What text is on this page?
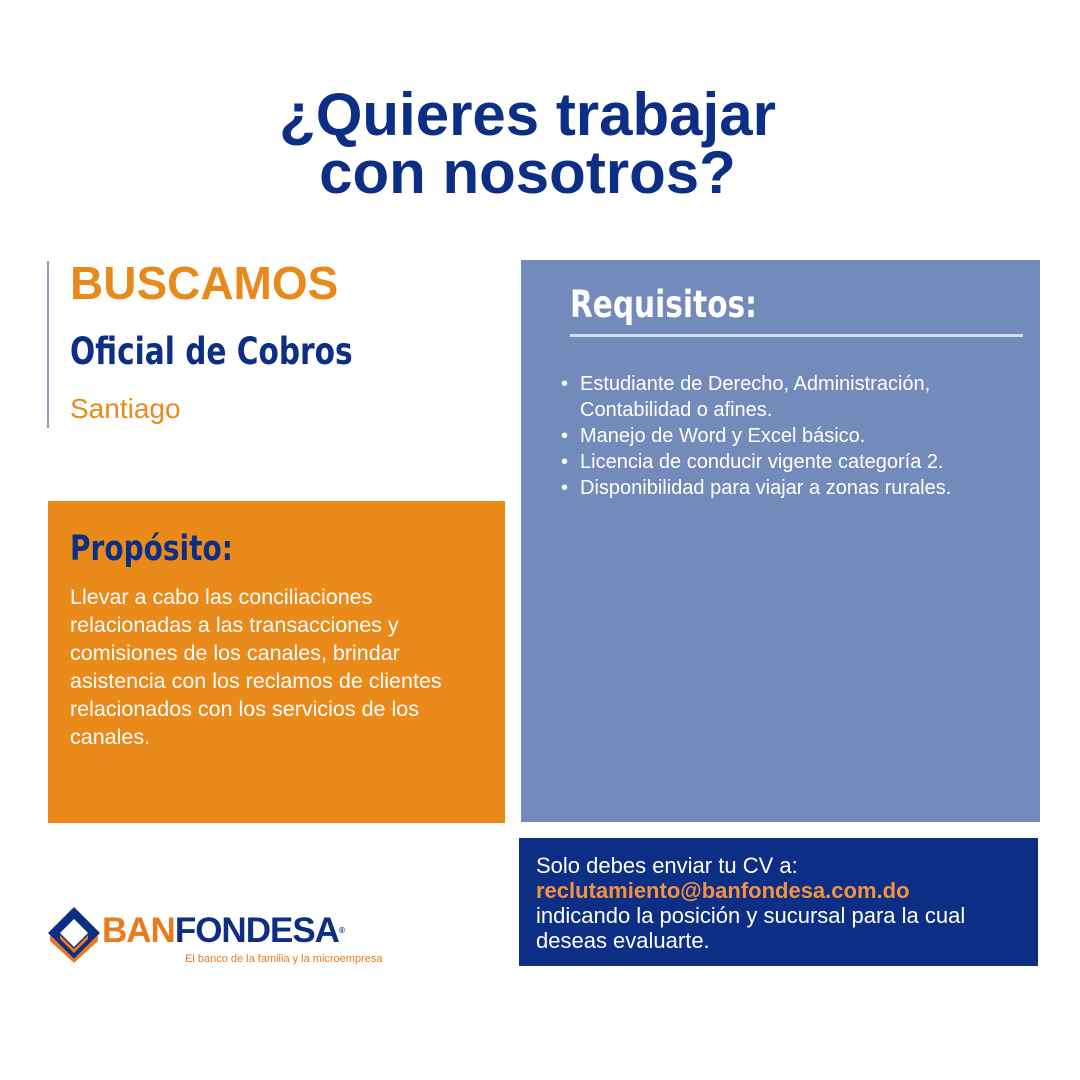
¿Quieres trabajar
con nosotros?
BUSCAMOS
Oficial de Cobros
Santiago
Propósito:
Llevar a cabo las conciliaciones relacionadas a las transacciones y comisiones de los canales, brindar asistencia con los reclamos de clientes relacionados con los servicios de los canales.
Requisitos:
• Estudiante de Derecho, Administración, Contabilidad o afines.
• Manejo de Word y Excel básico.
• Licencia de conducir vigente categoría 2.
• Disponibilidad para viajar a zonas rurales.
Solo debes enviar tu CV a:
reclutamiento@banfondesa.com.do
indicando la posición y sucursal para la cual deseas evaluarte.
BANFONDESA®
El banco de la familia y la microempresa
